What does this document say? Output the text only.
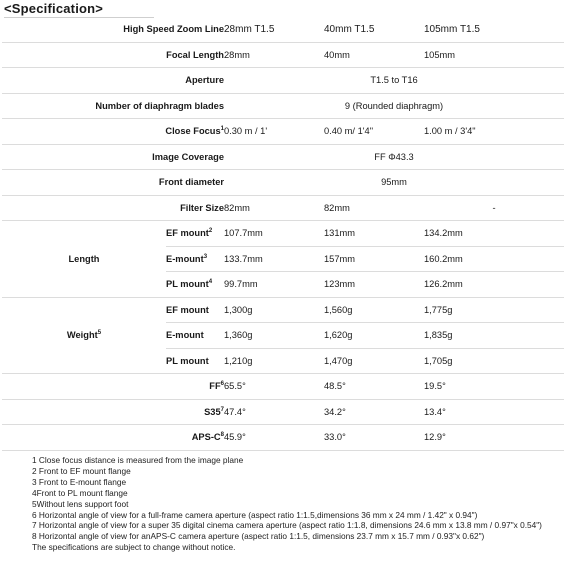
<Specification>
High Speed Zoom Line		28mm T1.5	40mm T1.5	105mm T1.5
Focal Length		28mm	40mm	105mm
Aperture		T1.5 to T16		
Number of diaphragm blades		9 (Rounded diaphragm)		
Close Focus$^1$		0.30 m / 1'	0.40 m/ 1'4"	1.00 m / 3'4"
Image Coverage		FF Φ43.3		
Front diameter		95mm		
Filter Size		82mm	82mm	-
Length	EF mount$^2$	107.7mm	131mm	134.2mm
	E-mount$^3$	133.7mm	157mm	160.2mm
	PL mount$^4$	99.7mm	123mm	126.2mm
Weight$^5$	EF mount	1,300g	1,560g	1,775g
	E-mount	1,360g	1,620g	1,835g
	PL mount	1,210g	1,470g	1,705g
$FF^6$		65.5°	48.5°	19.5°
$S35^7$		47.4°	34.2°	13.4°
APS-$C^8$		45.9°	33.0°	12.9°
1 Close focus distance is measured from the image plane
2 Front to EF mount flange
3 Front to E-mount flange
4Front to PL mount flange
5Without lens support foot
6 Horizontal angle of view for a full-frame camera aperture (aspect ratio 1:1.5,dimensions 36 mm x 24 mm / 1.42" x 0.94")
7 Horizontal angle of view for a super 35 digital cinema camera aperture (aspect ratio 1:1.8, dimensions 24.6 mm x 13.8 mm / 0.97"x 0.54")
8 Horizontal angle of view for anAPS-C camera aperture (aspect ratio 1:1.5, dimensions 23.7 mm x 15.7 mm / 0.93"x 0.62")
The specifications are subject to change without notice.
